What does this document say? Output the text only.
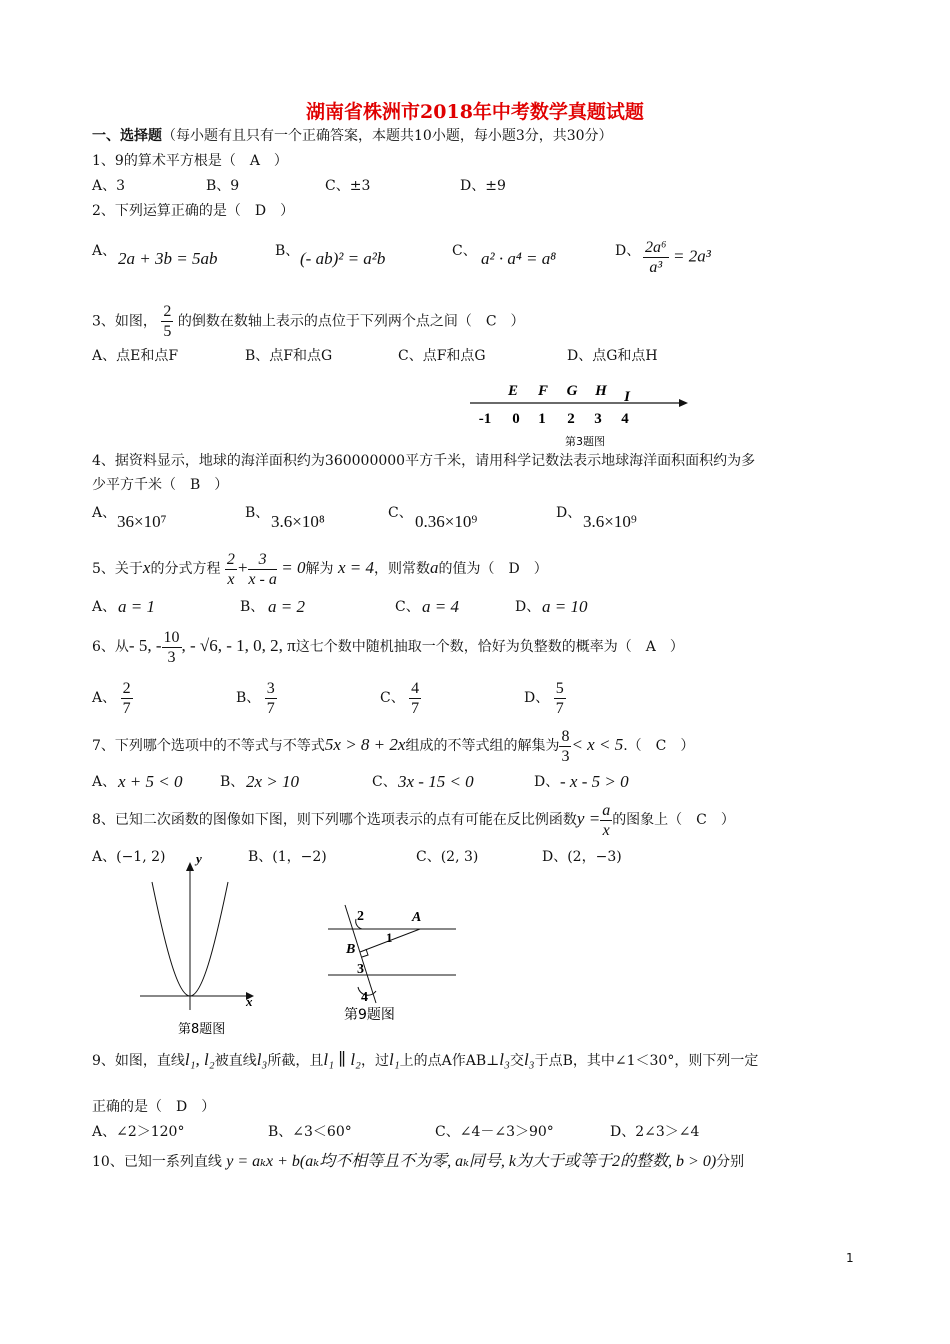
湖南省株洲市2018年中考数学真题试题
一、选择题（每小题有且只有一个正确答案，本题共10小题，每小题3分，共30分）
1、9的算术平方根是（　A　）
A、3	B、9	C、±3	D、±9
2、下列运算正确的是（　D　）
A、 2a + 3b = 5ab	B、 (- ab)² = a²b	C、 a² · a⁴ = a⁸	D、 $\frac{\text{2a⁶}}{\text{a³}} = 2a^3$
3、如图， $\frac{2}{5}$ 的倒数在数轴上表示的点位于下列两个点之间（　C　）
A、点E和点F	B、点F和点G	C、点F和点G	D、点G和点H
E F G H I
-1 0 1 2 3 4
第3题图
4、据资料显示，地球的海洋面积约为360000000平方千米，请用科学记数法表示地球海洋面积面积约为多
少平方千米（　B　）
A、 36×10⁷	B、 3.6×10⁸	C、 0.36×10⁹	D、 3.6×10⁹
5、关于x的分式方程 $\frac{2}{x} + \frac{3}{x - a} = 0$解为 x = 4，则常数a的值为（　D　）
A、 a = 1	B、 a = 2	C、 a = 4	D、 a = 10
6、从- 5, - $\frac{10}{3}$ , - √6, - 1, 0, 2, π这七个数中随机抽取一个数，恰好为负整数的概率为（　A　）
A、 $\frac{2}{7}$	B、 $\frac{3}{7}$	C、 $\frac{4}{7}$	D、 $\frac{5}{7}$
7、下列哪个选项中的不等式与不等式5x > 8 + 2x组成的不等式组的解集为 $\frac{8}{3} < x < 5$.（　C　）
A、 x + 5 < 0	B、 2x > 10	C、 3x - 15 < 0	D、 - x - 5 > 0
8、已知二次函数的图像如下图，则下列哪个选项表示的点有可能在反比例函数$y = \frac{a}{x}$ 的图象上（　C　）
A、(−1, 2)	B、(1，−2)	C、(2, 3)	D、(2，−3)
y
x
第8题图
2	A
1
B
3
4
第9题图
9、如图，直线l₁, l₂被直线l₃所截，且l₁ ∥ l₂，过l₁上的点A作AB⊥l₃交l₃于点B，其中∠1＜30°，则下列一定
正确的是（　D　）
A、∠2＞120°	B、∠3＜60°	C、∠4－∠3＞90°	D、2∠3＞∠4
10、已知一系列直线 y = aₖx + b(aₖ均不相等且不为零, aₖ同号, k为大于或等于2的整数, b > 0)分别
1
